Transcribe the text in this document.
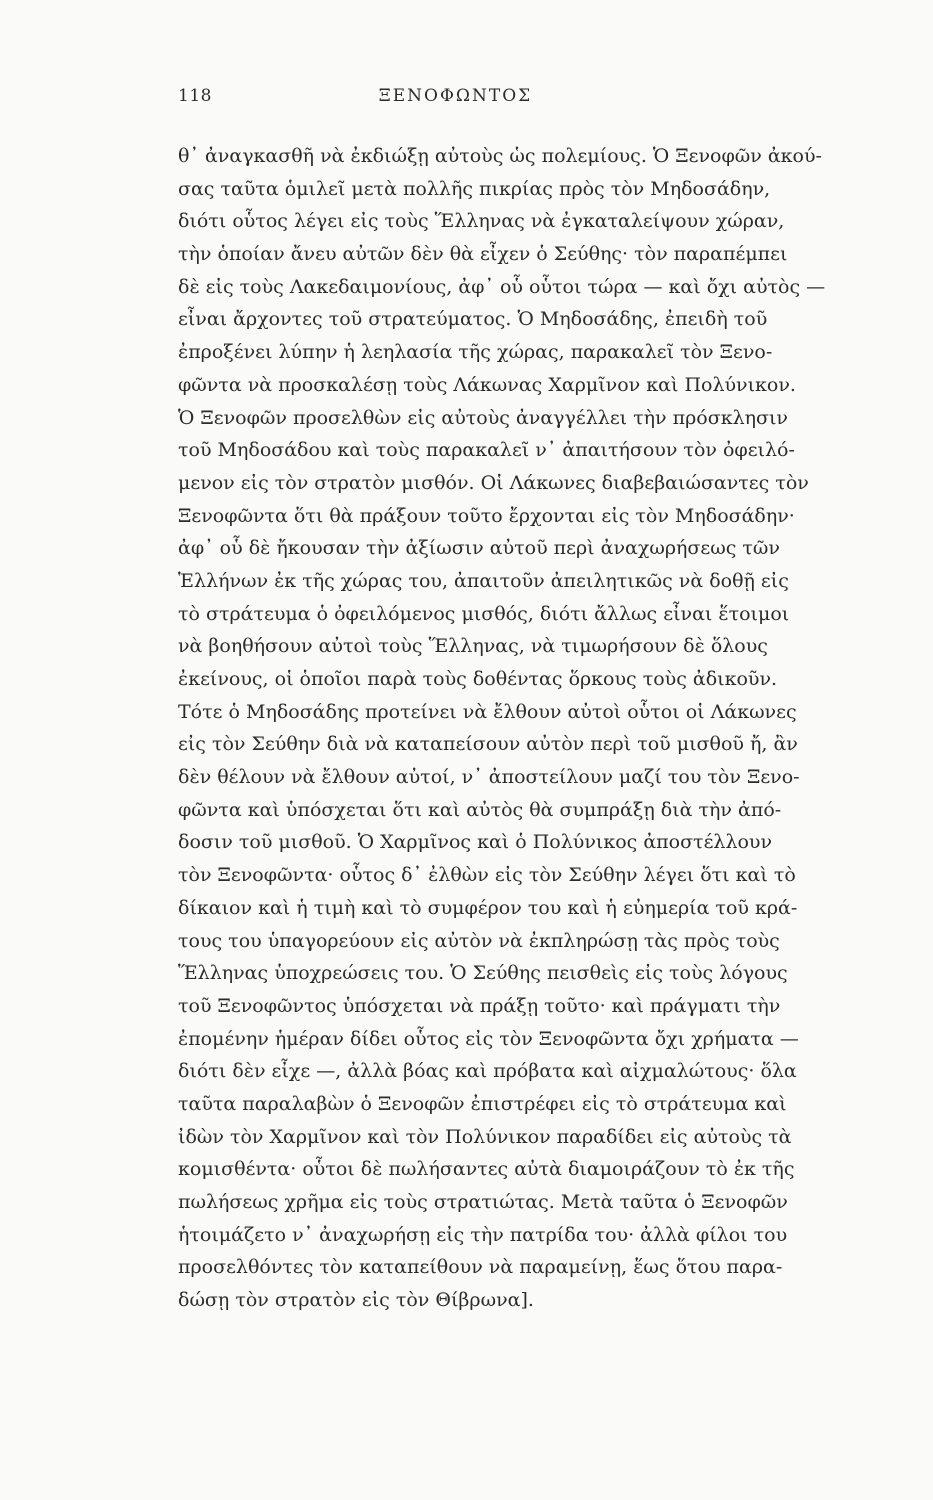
118	ΞΕΝΟΦΩΝΤΟΣ
θ᾽ ἀναγκασθῆ νὰ ἐκδιώξῃ αὐτοὺς ὡς πολεμίους. Ὁ Ξενοφῶν ἀκού-
σας ταῦτα ὁμιλεῖ μετὰ πολλῆς πικρίας πρὸς τὸν Μηδοσάδην,
διότι οὗτος λέγει εἰς τοὺς Ἕλληνας νὰ ἐγκαταλείψουν χώραν,
τὴν ὁποίαν ἄνευ αὐτῶν δὲν θὰ εἶχεν ὁ Σεύθης· τὸν παραπέμπει
δὲ εἰς τοὺς Λακεδαιμονίους, ἀφ᾽ οὗ οὗτοι τώρα — καὶ ὄχι αὐτὸς —
εἶναι ἄρχοντες τοῦ στρατεύματος. Ὁ Μηδοσάδης, ἐπειδὴ τοῦ
ἐπροξένει λύπην ἡ λεηλασία τῆς χώρας, παρακαλεῖ τὸν Ξενο-
φῶντα νὰ προσκαλέσῃ τοὺς Λάκωνας Χαρμῖνον καὶ Πολύνικον.
Ὁ Ξενοφῶν προσελθὼν εἰς αὐτοὺς ἀναγγέλλει τὴν πρόσκλησιν
τοῦ Μηδοσάδου καὶ τοὺς παρακαλεῖ ν᾽ ἀπαιτήσουν τὸν ὀφειλό-
μενον εἰς τὸν στρατὸν μισθόν. Οἱ Λάκωνες διαβεβαιώσαντες τὸν
Ξενοφῶντα ὅτι θὰ πράξουν τοῦτο ἔρχονται εἰς τὸν Μηδοσάδην·
ἀφ᾽ οὗ δὲ ἤκουσαν τὴν ἀξίωσιν αὐτοῦ περὶ ἀναχωρήσεως τῶν
Ἑλλήνων ἐκ τῆς χώρας του, ἀπαιτοῦν ἀπειλητικῶς νὰ δοθῇ εἰς
τὸ στράτευμα ὁ ὀφειλόμενος μισθός, διότι ἄλλως εἶναι ἕτοιμοι
νὰ βοηθήσουν αὐτοὶ τοὺς Ἕλληνας, νὰ τιμωρήσουν δὲ ὅλους
ἐκείνους, οἱ ὁποῖοι παρὰ τοὺς δοθέντας ὅρκους τοὺς ἀδικοῦν.
Τότε ὁ Μηδοσάδης προτείνει νὰ ἔλθουν αὐτοὶ οὗτοι οἱ Λάκωνες
εἰς τὸν Σεύθην διὰ νὰ καταπείσουν αὐτὸν περὶ τοῦ μισθοῦ ἤ, ἂν
δὲν θέλουν νὰ ἔλθουν αὐτοί, ν᾽ ἀποστείλουν μαζί του τὸν Ξενο-
φῶντα καὶ ὑπόσχεται ὅτι καὶ αὐτὸς θὰ συμπράξῃ διὰ τὴν ἀπό-
δοσιν τοῦ μισθοῦ. Ὁ Χαρμῖνος καὶ ὁ Πολύνικος ἀποστέλλουν
τὸν Ξενοφῶντα· οὗτος δ᾽ ἐλθὼν εἰς τὸν Σεύθην λέγει ὅτι καὶ τὸ
δίκαιον καὶ ἡ τιμὴ καὶ τὸ συμφέρον του καὶ ἡ εὐημερία τοῦ κρά-
τους του ὑπαγορεύουν εἰς αὐτὸν νὰ ἐκπληρώσῃ τὰς πρὸς τοὺς
Ἕλληνας ὑποχρεώσεις του. Ὁ Σεύθης πεισθεὶς εἰς τοὺς λόγους
τοῦ Ξενοφῶντος ὑπόσχεται νὰ πράξῃ τοῦτο· καὶ πράγματι τὴν
ἐπομένην ἡμέραν δίδει οὗτος εἰς τὸν Ξενοφῶντα ὄχι χρήματα —
διότι δὲν εἶχε —, ἀλλὰ βόας καὶ πρόβατα καὶ αἰχμαλώτους· ὅλα
ταῦτα παραλαβὼν ὁ Ξενοφῶν ἐπιστρέφει εἰς τὸ στράτευμα καὶ
ἰδὼν τὸν Χαρμῖνον καὶ τὸν Πολύνικον παραδίδει εἰς αὐτοὺς τὰ
κομισθέντα· οὗτοι δὲ πωλήσαντες αὐτὰ διαμοιράζουν τὸ ἐκ τῆς
πωλήσεως χρῆμα εἰς τοὺς στρατιώτας. Μετὰ ταῦτα ὁ Ξενοφῶν
ἡτοιμάζετο ν᾽ ἀναχωρήσῃ εἰς τὴν πατρίδα του· ἀλλὰ φίλοι του
προσελθόντες τὸν καταπείθουν νὰ παραμείνῃ, ἕως ὅτου παρα-
δώσῃ τὸν στρατὸν εἰς τὸν Θίβρωνα].
